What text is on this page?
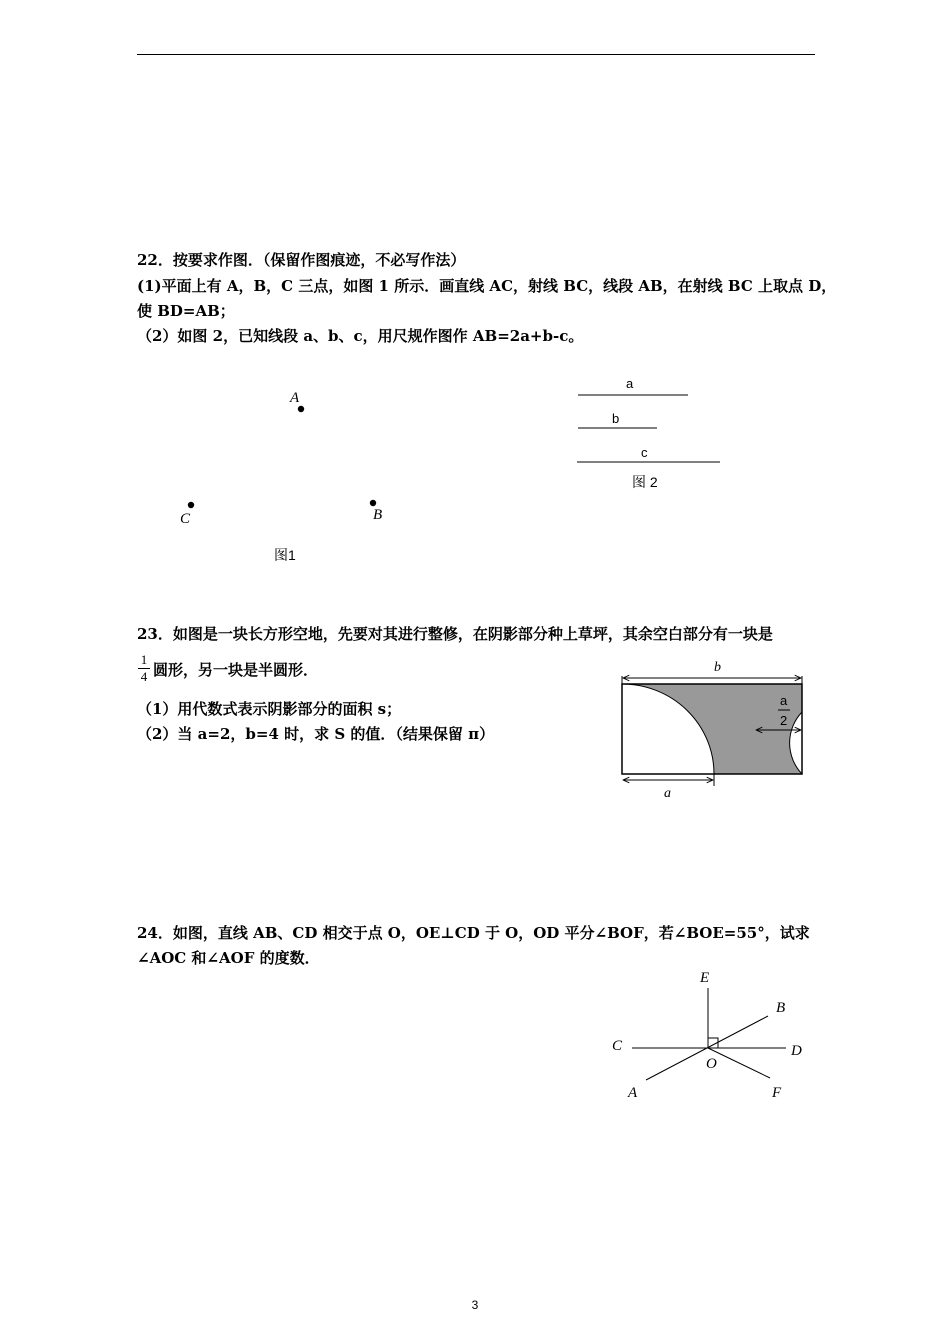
22．按要求作图．（保留作图痕迹，不必写作法）
(1)平面上有 A，B，C 三点，如图 1 所示．画直线 AC，射线 BC，线段 AB，在射线 BC 上取点 D，
使 BD=AB；
（2）如图 2，已知线段 a、b、c，用尺规作图作 AB=2a+b-c。
A
C	B
图1
a
b
c
图 2
23．如图是一块长方形空地，先要对其进行整修，在阴影部分种上草坪，其余空白部分有一块是
1
4 圆形，另一块是半圆形．
（1）用代数式表示阴影部分的面积 s；
（2）当 a=2，b=4 时，求 S 的值．（结果保留 π）
b
a
2
a
24．如图，直线 AB、CD 相交于点 O，OE⊥CD 于 O，OD 平分∠BOF，若∠BOE=55°，试求
∠AOC 和∠AOF 的度数．
E
B
C	D
O
A	F
3
